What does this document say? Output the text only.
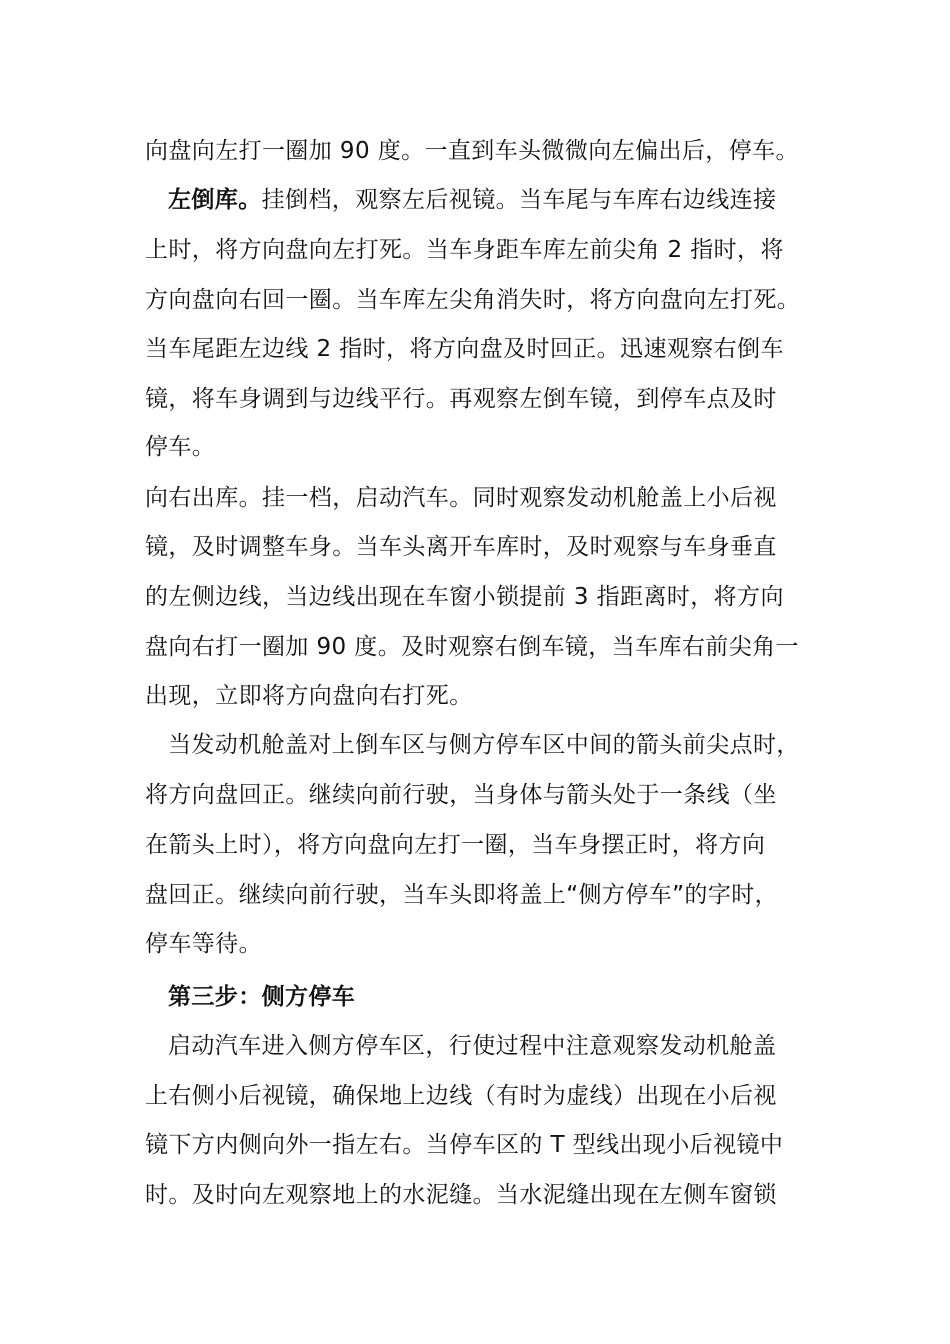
向盘向左打一圈加 90 度。一直到车头微微向左偏出后，停车。
左倒库。挂倒档，观察左后视镜。当车尾与车库右边线连接
上时，将方向盘向左打死。当车身距车库左前尖角 2 指时，将
方向盘向右回一圈。当车库左尖角消失时，将方向盘向左打死。
当车尾距左边线 2 指时，将方向盘及时回正。迅速观察右倒车
镜，将车身调到与边线平行。再观察左倒车镜，到停车点及时
停车。
向右出库。挂一档，启动汽车。同时观察发动机舱盖上小后视
镜，及时调整车身。当车头离开车库时，及时观察与车身垂直
的左侧边线，当边线出现在车窗小锁提前 3 指距离时，将方向
盘向右打一圈加 90 度。及时观察右倒车镜，当车库右前尖角一
出现，立即将方向盘向右打死。
当发动机舱盖对上倒车区与侧方停车区中间的箭头前尖点时，
将方向盘回正。继续向前行驶，当身体与箭头处于一条线（坐
在箭头上时），将方向盘向左打一圈，当车身摆正时，将方向
盘回正。继续向前行驶，当车头即将盖上“侧方停车”的字时，
停车等待。
第三步：侧方停车
启动汽车进入侧方停车区，行使过程中注意观察发动机舱盖
上右侧小后视镜，确保地上边线（有时为虚线）出现在小后视
镜下方内侧向外一指左右。当停车区的 T 型线出现小后视镜中
时。及时向左观察地上的水泥缝。当水泥缝出现在左侧车窗锁
